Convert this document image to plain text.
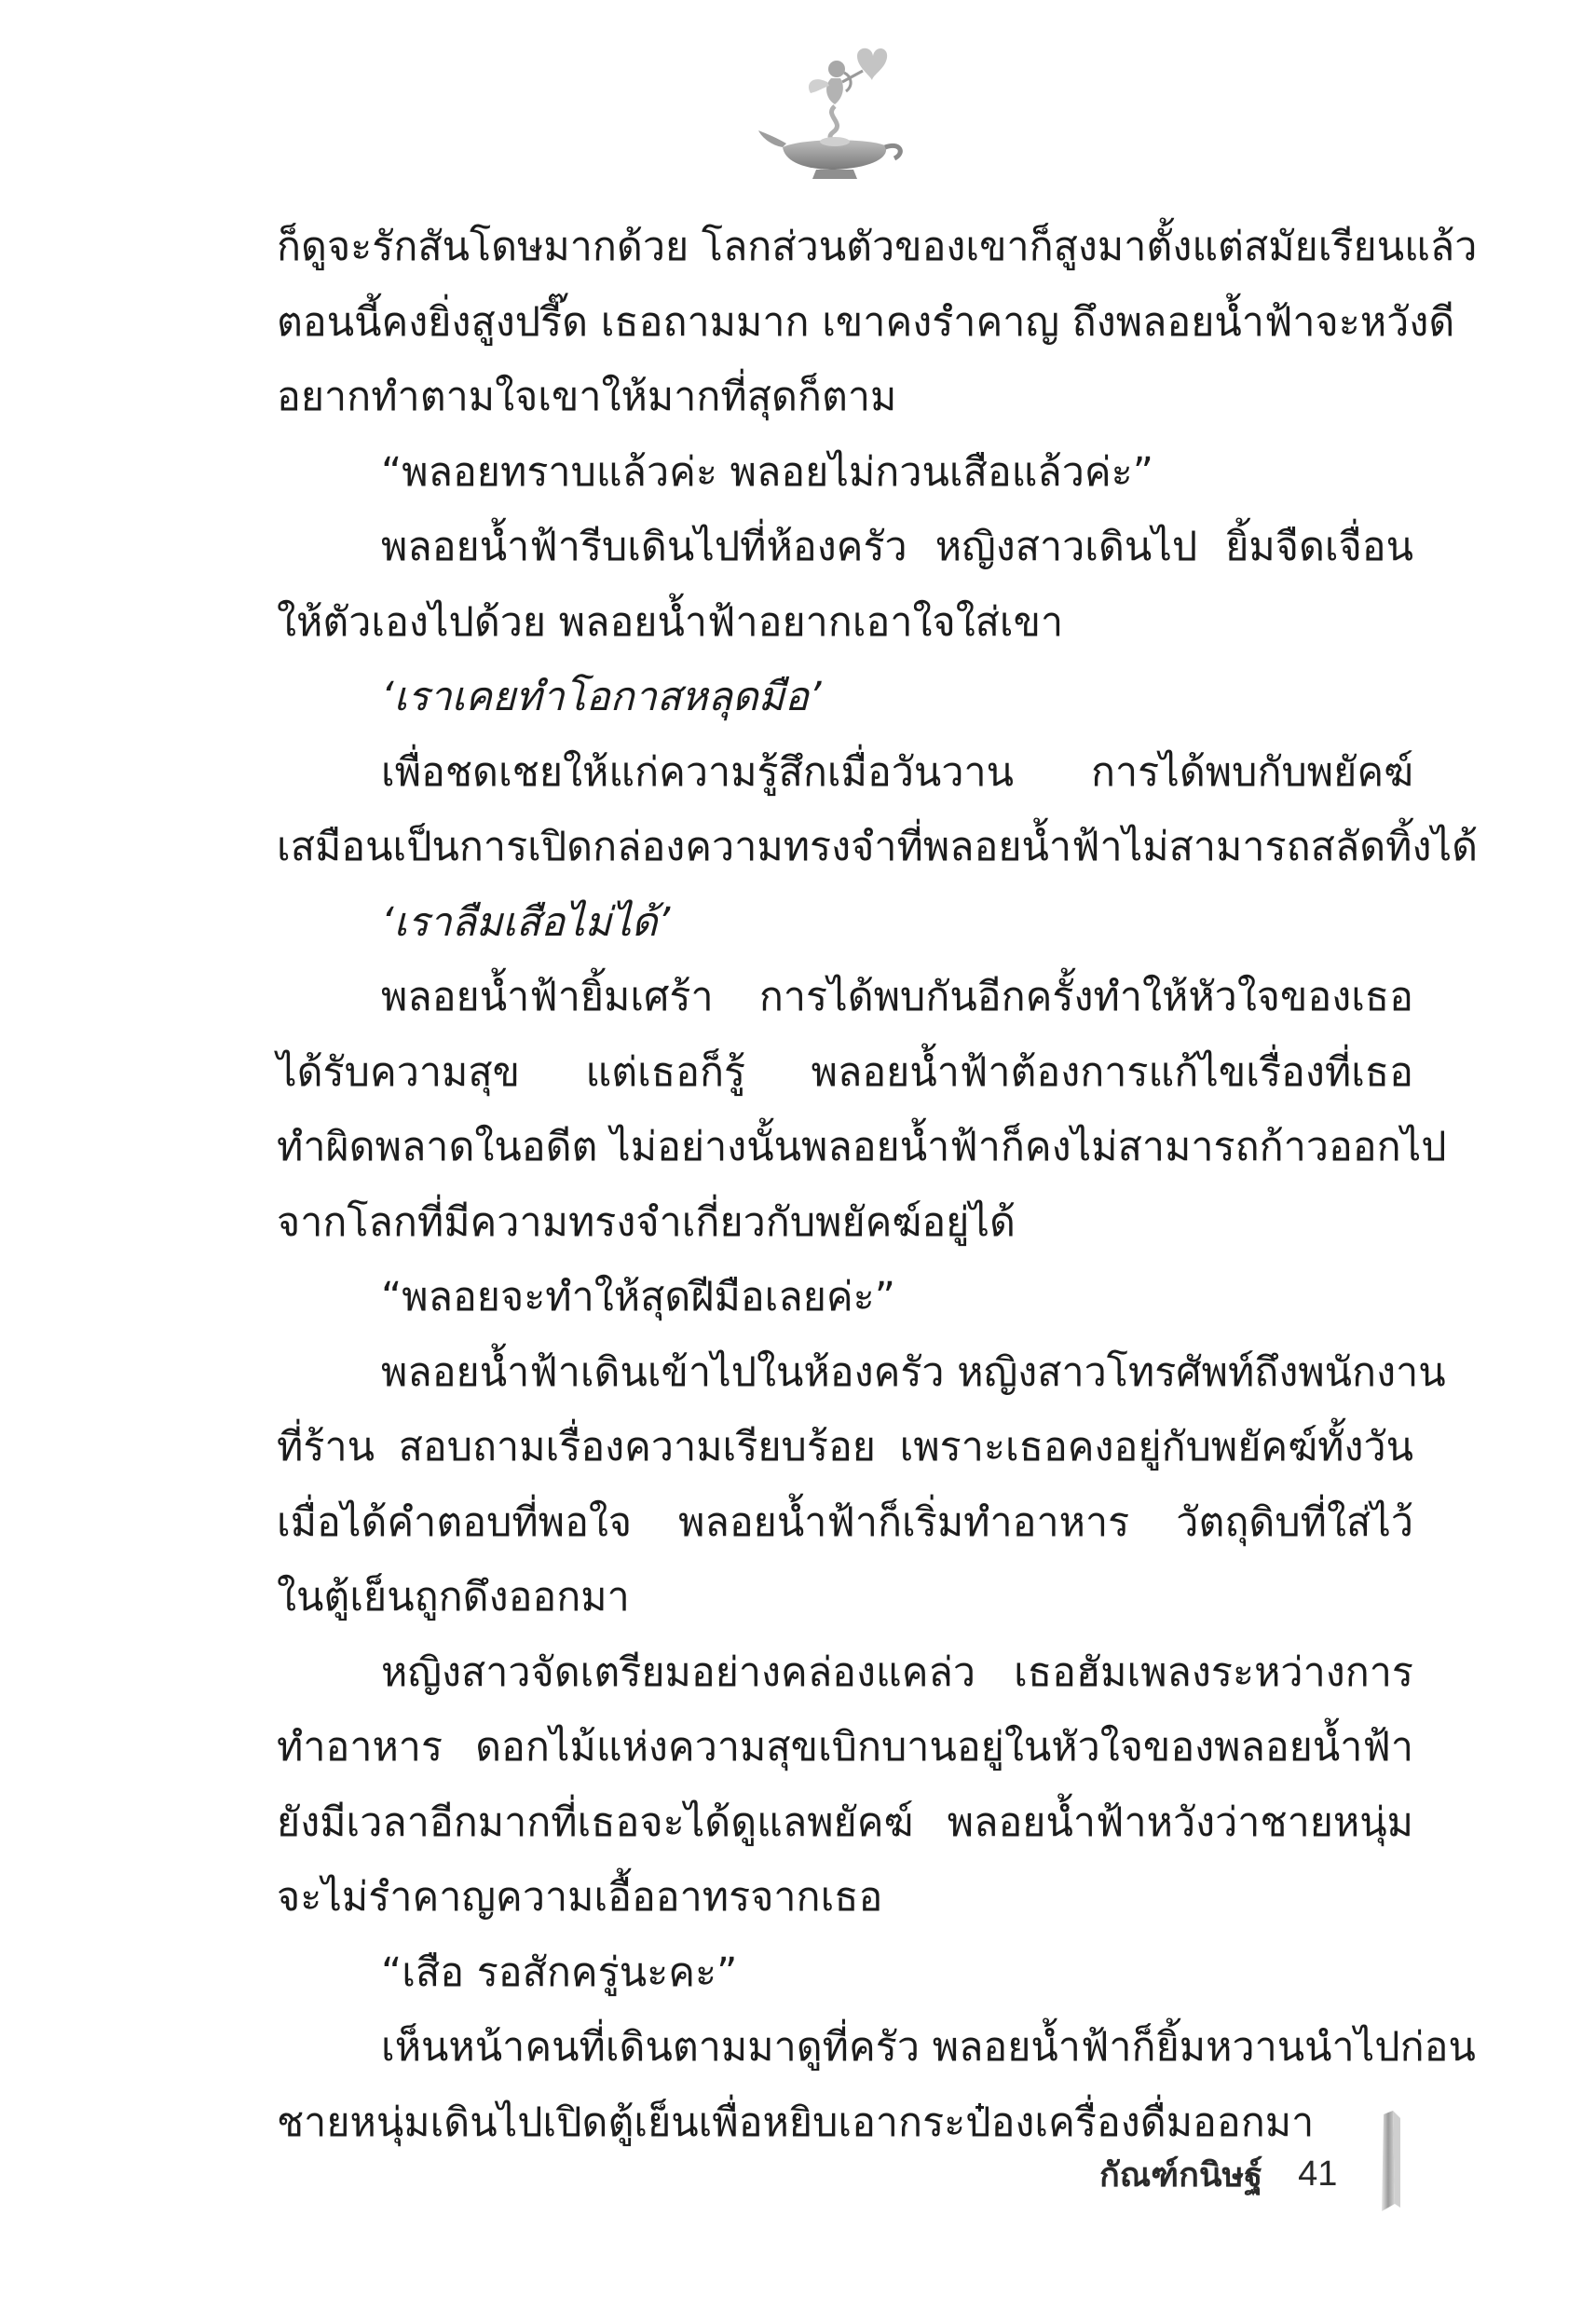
ก็ดูจะรักสันโดษมากด้วย โลกส่วนตัวของเขาก็สูงมาตั้งแต่สมัยเรียนแล้ว

ตอนนี้คงยิ่งสูงปรี๊ด เธอถามมาก เขาคงรำคาญ ถึงพลอยน้ำฟ้าจะหวังดี

อยากทำตามใจเขาให้มากที่สุดก็ตาม

“พลอยทราบแล้วค่ะ พลอยไม่กวนเสือแล้วค่ะ”

พลอยน้ำฟ้ารีบเดินไปที่ห้องครัว หญิงสาวเดินไป ยิ้มจืดเจื่อน

ให้ตัวเองไปด้วย พลอยน้ำฟ้าอยากเอาใจใส่เขา

‘เราเคยทำโอกาสหลุดมือ’

เพื่อชดเชยให้แก่ความรู้สึกเมื่อวันวาน การได้พบกับพยัคฆ์

เสมือนเป็นการเปิดกล่องความทรงจำที่พลอยน้ำฟ้าไม่สามารถสลัดทิ้งได้

‘เราลืมเสือไม่ได้’

พลอยน้ำฟ้ายิ้มเศร้า การได้พบกันอีกครั้งทำให้หัวใจของเธอ

ได้รับความสุข แต่เธอก็รู้ พลอยน้ำฟ้าต้องการแก้ไขเรื่องที่เธอ

ทำผิดพลาดในอดีต ไม่อย่างนั้นพลอยน้ำฟ้าก็คงไม่สามารถก้าวออกไป

จากโลกที่มีความทรงจำเกี่ยวกับพยัคฆ์อยู่ได้

“พลอยจะทำให้สุดฝีมือเลยค่ะ”

พลอยน้ำฟ้าเดินเข้าไปในห้องครัว หญิงสาวโทรศัพท์ถึงพนักงาน

ที่ร้าน สอบถามเรื่องความเรียบร้อย เพราะเธอคงอยู่กับพยัคฆ์ทั้งวัน

เมื่อได้คำตอบที่พอใจ พลอยน้ำฟ้าก็เริ่มทำอาหาร วัตถุดิบที่ใส่ไว้

ในตู้เย็นถูกดึงออกมา

หญิงสาวจัดเตรียมอย่างคล่องแคล่ว เธอฮัมเพลงระหว่างการ

ทำอาหาร ดอกไม้แห่งความสุขเบิกบานอยู่ในหัวใจของพลอยน้ำฟ้า

ยังมีเวลาอีกมากที่เธอจะได้ดูแลพยัคฆ์ พลอยน้ำฟ้าหวังว่าชายหนุ่ม

จะไม่รำคาญความเอื้ออาทรจากเธอ

“เสือ รอสักครู่นะคะ”

เห็นหน้าคนที่เดินตามมาดูที่ครัว พลอยน้ำฟ้าก็ยิ้มหวานนำไปก่อน

ชายหนุ่มเดินไปเปิดตู้เย็นเพื่อหยิบเอากระป๋องเครื่องดื่มออกมา

กัณฑ์กนิษฐ์ 41
